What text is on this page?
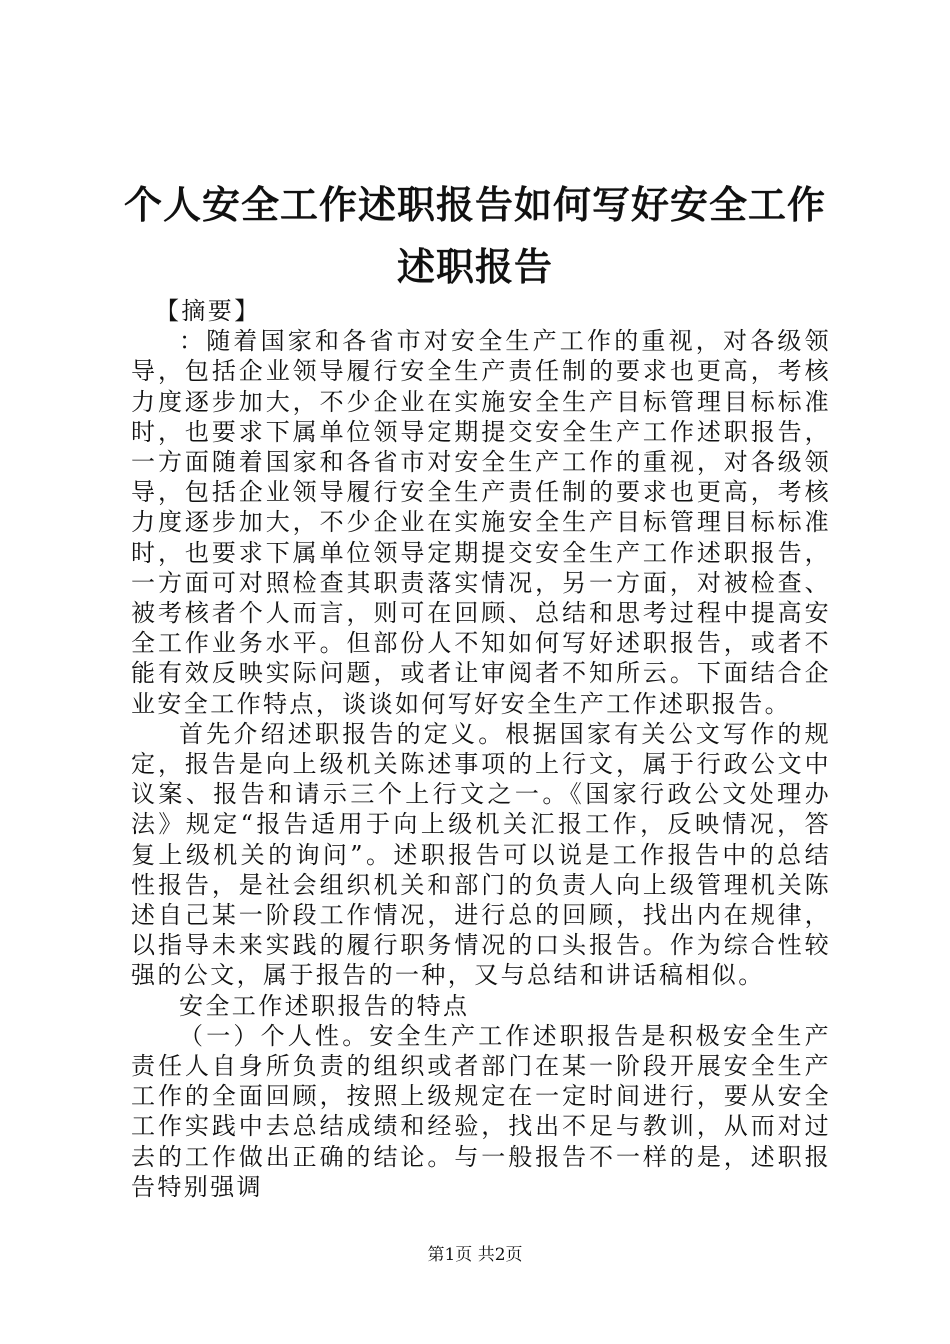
个人安全工作述职报告如何写好安全工作述职报告

【摘要】

：随着国家和各省市对安全生产工作的重视，对各级领导，包括企业领导履行安全生产责任制的要求也更高，考核力度逐步加大，不少企业在实施安全生产目标管理目标标准时，也要求下属单位领导定期提交安全生产工作述职报告，一方面随着国家和各省市对安全生产工作的重视，对各级领导，包括企业领导履行安全生产责任制的要求也更高，考核力度逐步加大，不少企业在实施安全生产目标管理目标标准时，也要求下属单位领导定期提交安全生产工作述职报告，一方面可对照检查其职责落实情况，另一方面，对被检查、被考核者个人而言，则可在回顾、总结和思考过程中提高安全工作业务水平。但部份人不知如何写好述职报告，或者不能有效反映实际问题，或者让审阅者不知所云。下面结合企业安全工作特点，谈谈如何写好安全生产工作述职报告。

首先介绍述职报告的定义。根据国家有关公文写作的规定，报告是向上级机关陈述事项的上行文，属于行政公文中议案、报告和请示三个上行文之一。《国家行政公文处理办法》规定“报告适用于向上级机关汇报工作，反映情况，答复上级机关的询问”。述职报告可以说是工作报告中的总结性报告，是社会组织机关和部门的负责人向上级管理机关陈述自己某一阶段工作情况，进行总的回顾，找出内在规律，以指导未来实践的履行职务情况的口头报告。作为综合性较强的公文，属于报告的一种，又与总结和讲话稿相似。

安全工作述职报告的特点

（一）个人性。安全生产工作述职报告是积极安全生产责任人自身所负责的组织或者部门在某一阶段开展安全生产工作的全面回顾，按照上级规定在一定时间进行，要从安全工作实践中去总结成绩和经验，找出不足与教训，从而对过去的工作做出正确的结论。与一般报告不一样的是，述职报告特别强调

第1页 共2页
